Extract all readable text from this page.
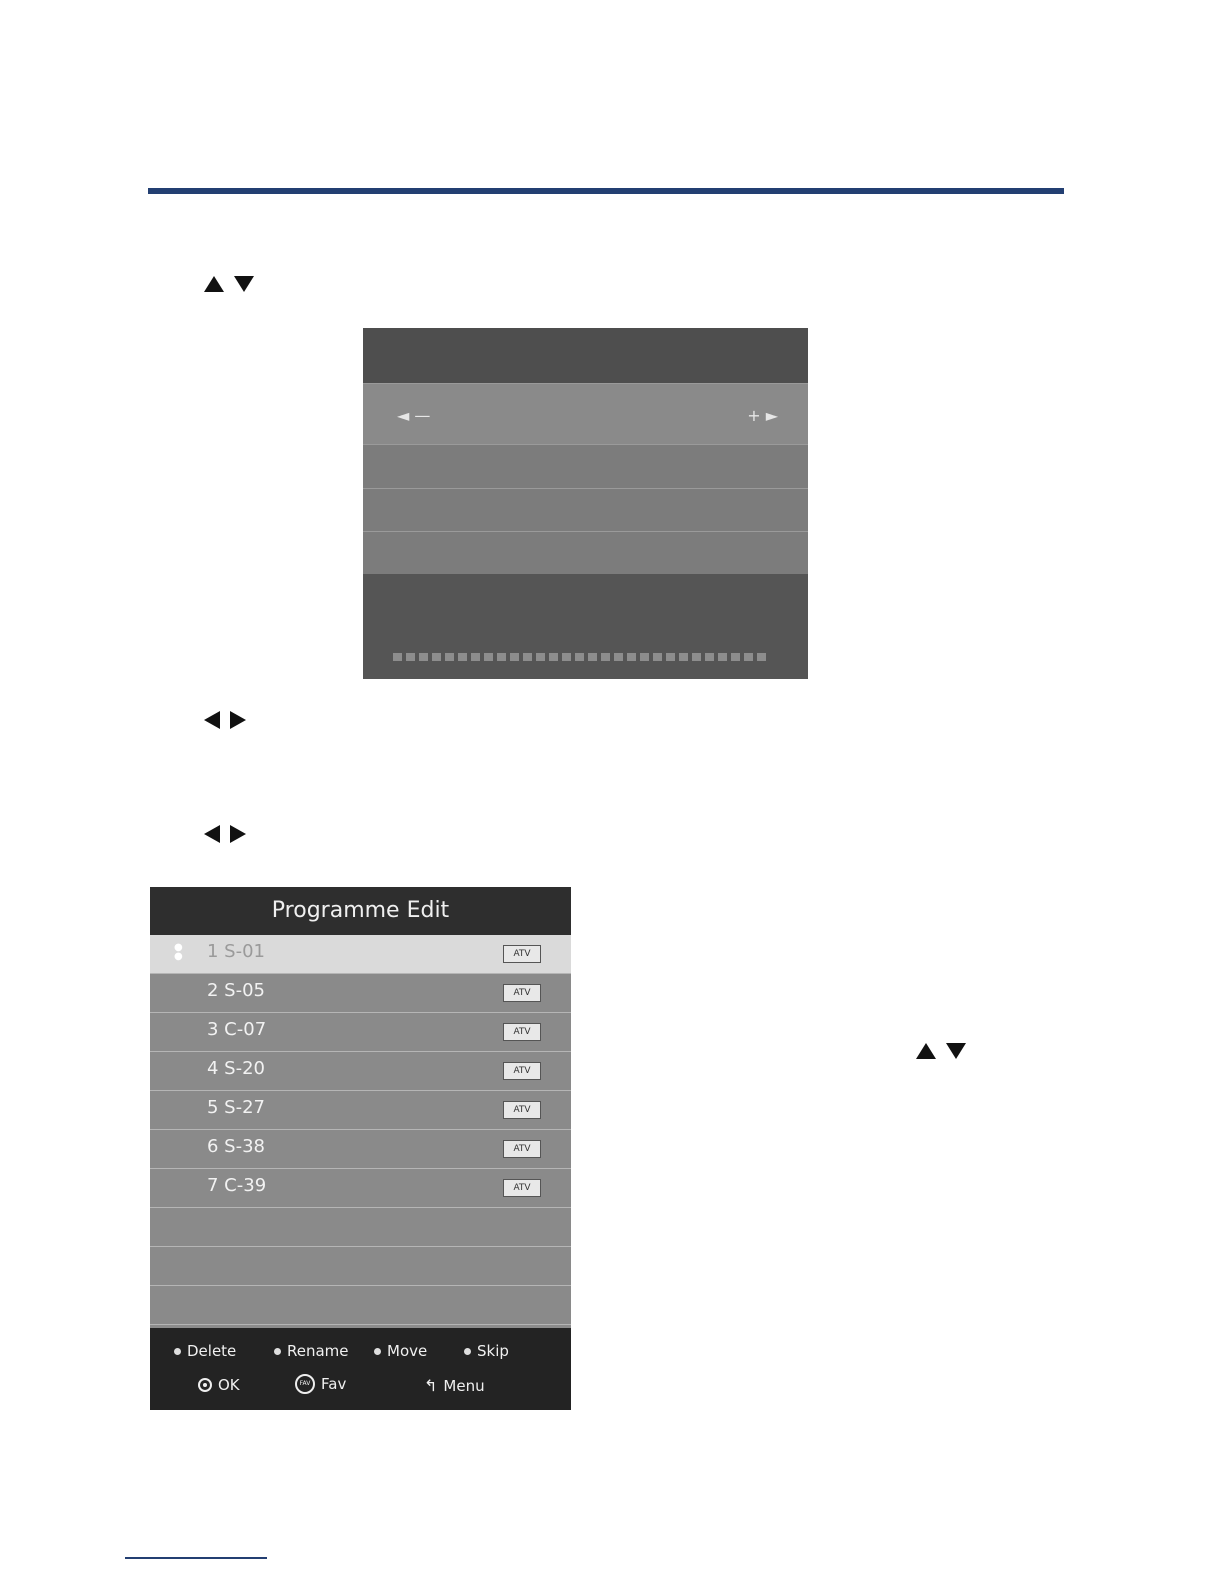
◄ —	+ ►
Programme Edit
●
● 1 S-01	ATV
2 S-05	ATV
3 C-07	ATV
4 S-20	ATV
5 S-27	ATV
6 S-38	ATV
7 C-39	ATV
Delete	Rename	Move	Skip
OK	FAV Fav	↰ Menu
